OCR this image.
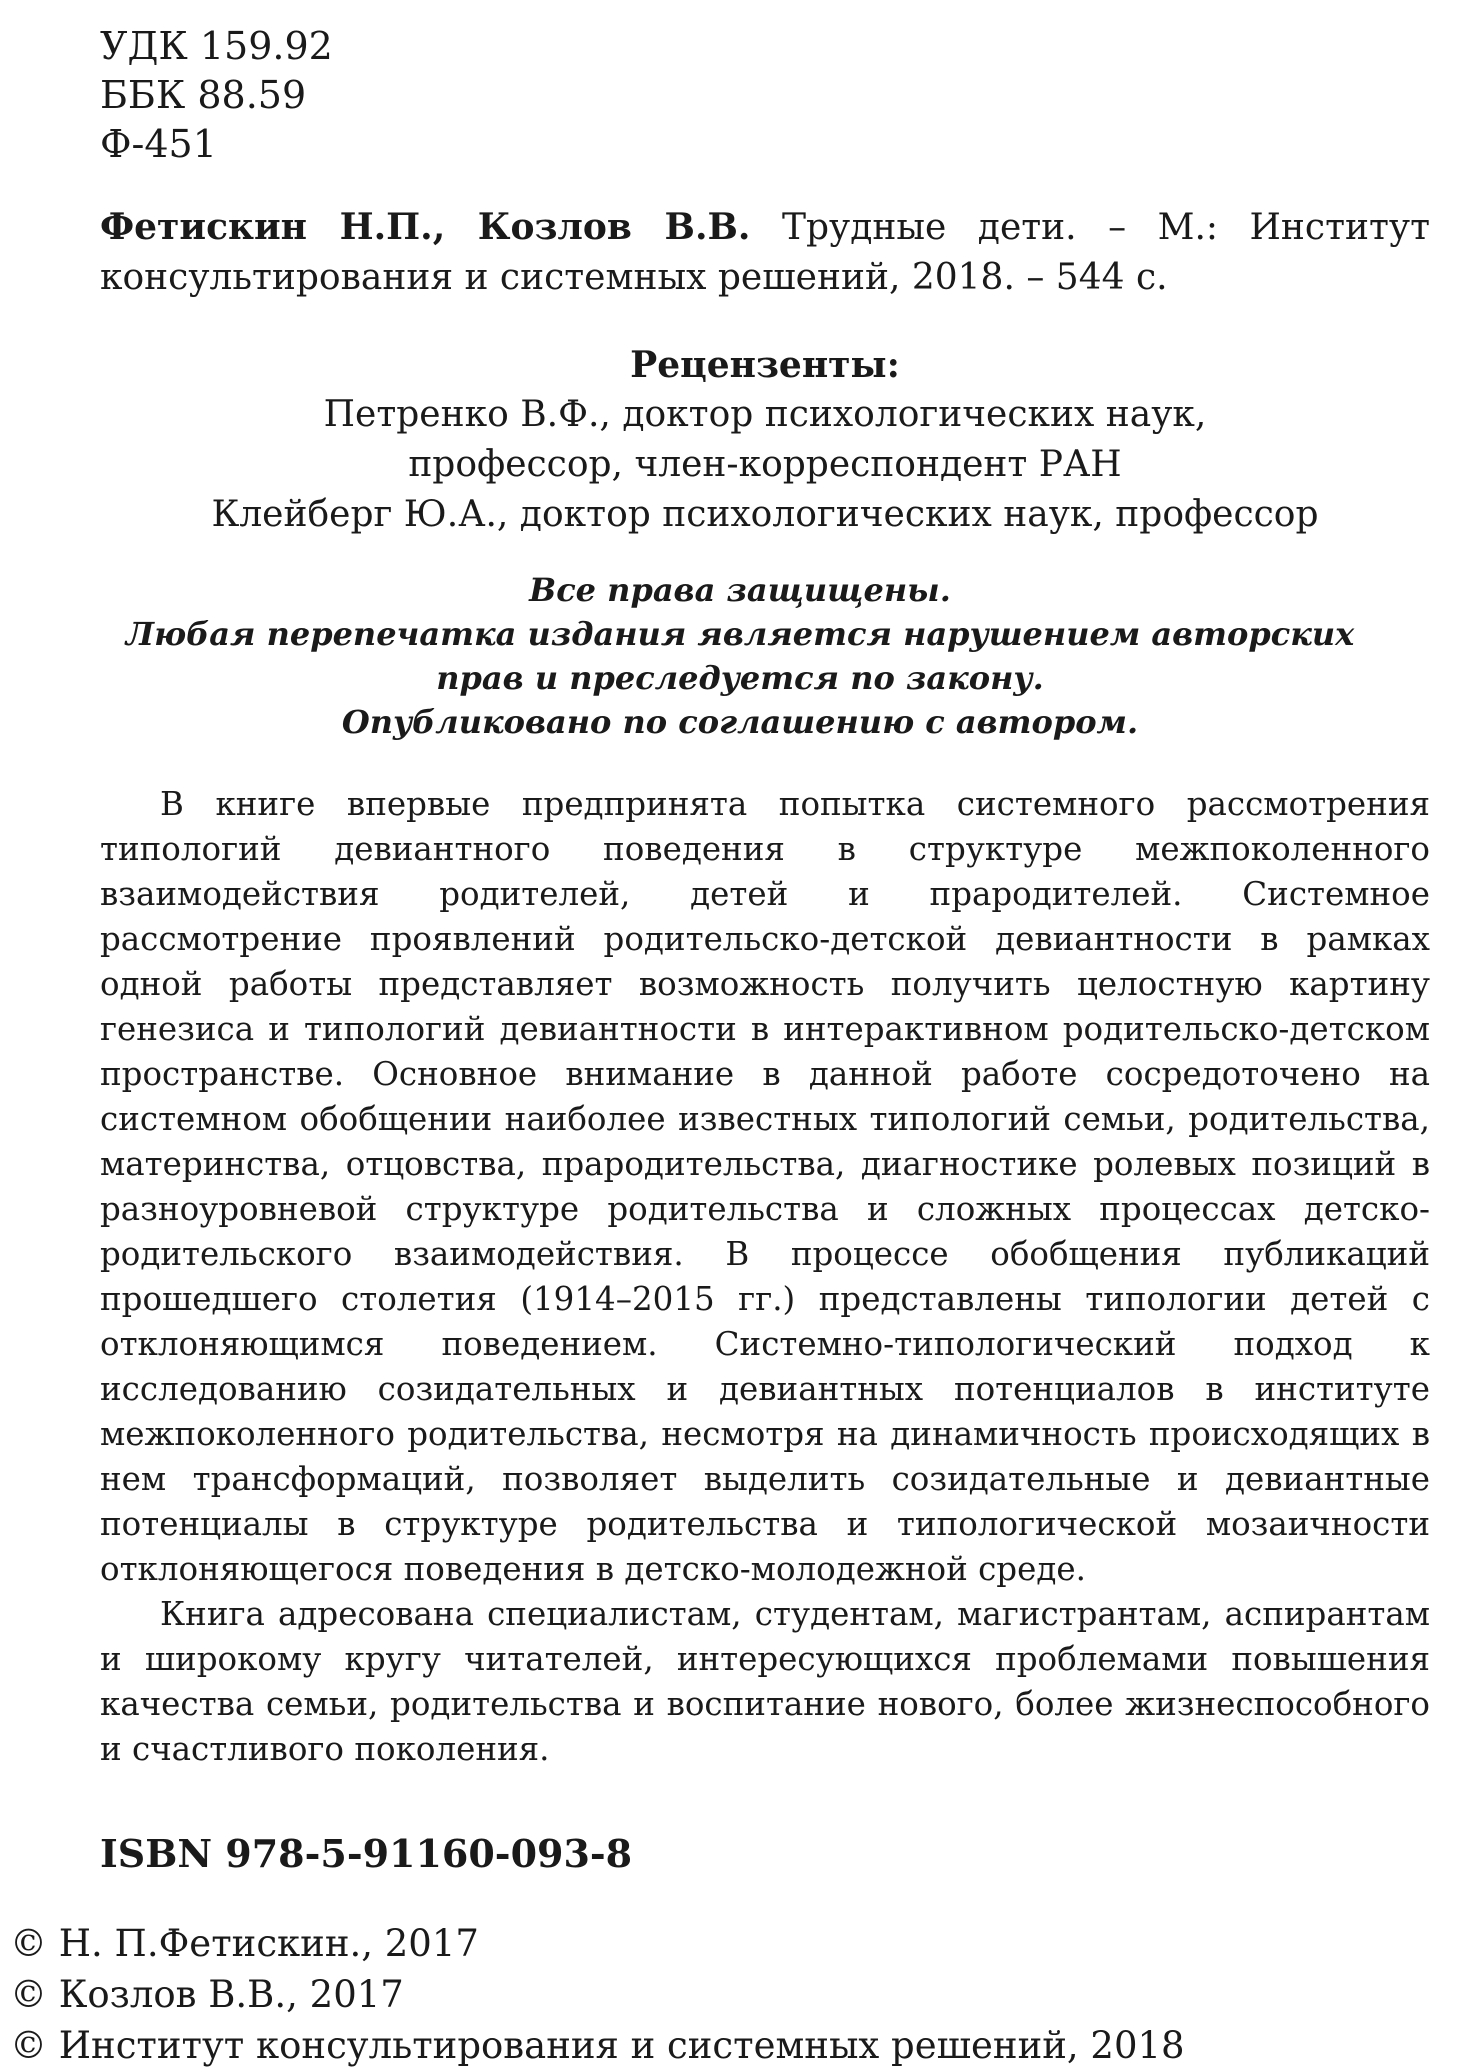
УДК 159.92
ББК 88.59
Ф-451
Фетискин Н.П., Козлов В.В. Трудные дети. – М.: Институт консультирования и системных решений, 2018. – 544 с.
Рецензенты:
Петренко В.Ф., доктор психологических наук,
профессор, член-корреспондент РАН
Клейберг Ю.А., доктор психологических наук, профессор
Все права защищены.
Любая перепечатка издания является нарушением авторских
прав и преследуется по закону.
Опубликовано по соглашению с автором.

В книге впервые предпринята попытка системного рассмотрения типологий девиантного поведения в структуре межпоколенного взаимодействия родителей, детей и прародителей. Системное рассмотрение проявлений родительско-детской девиантности в рамках одной работы представляет возможность получить целостную картину генезиса и типологий девиантности в интерактивном родительско-детском пространстве. Основное внимание в данной работе сосредоточено на системном обобщении наиболее известных типологий семьи, родительства, материнства, отцовства, прародительства, диагностике ролевых позиций в разноуровневой структуре родительства и сложных процессах детско-родительского взаимодействия. В процессе обобщения публикаций прошедшего столетия (1914–2015 гг.) представлены типологии детей с отклоняющимся поведением. Системно-типологический подход к исследованию созидательных и девиантных потенциалов в институте межпоколенного родительства, несмотря на динамичность происходящих в нем трансформаций, позволяет выделить созидательные и девиантные потенциалы в структуре родительства и типологической мозаичности отклоняющегося поведения в детско-молодежной среде.

Книга адресована специалистам, студентам, магистрантам, аспирантам и широкому кругу читателей, интересующихся проблемами повышения качества семьи, родительства и воспитание нового, более жизнеспособного и счастливого поколения.

ISBN 978-5-91160-093-8
© Н. П.Фетискин., 2017
© Козлов В.В., 2017
© Институт консультирования и системных решений, 2018
